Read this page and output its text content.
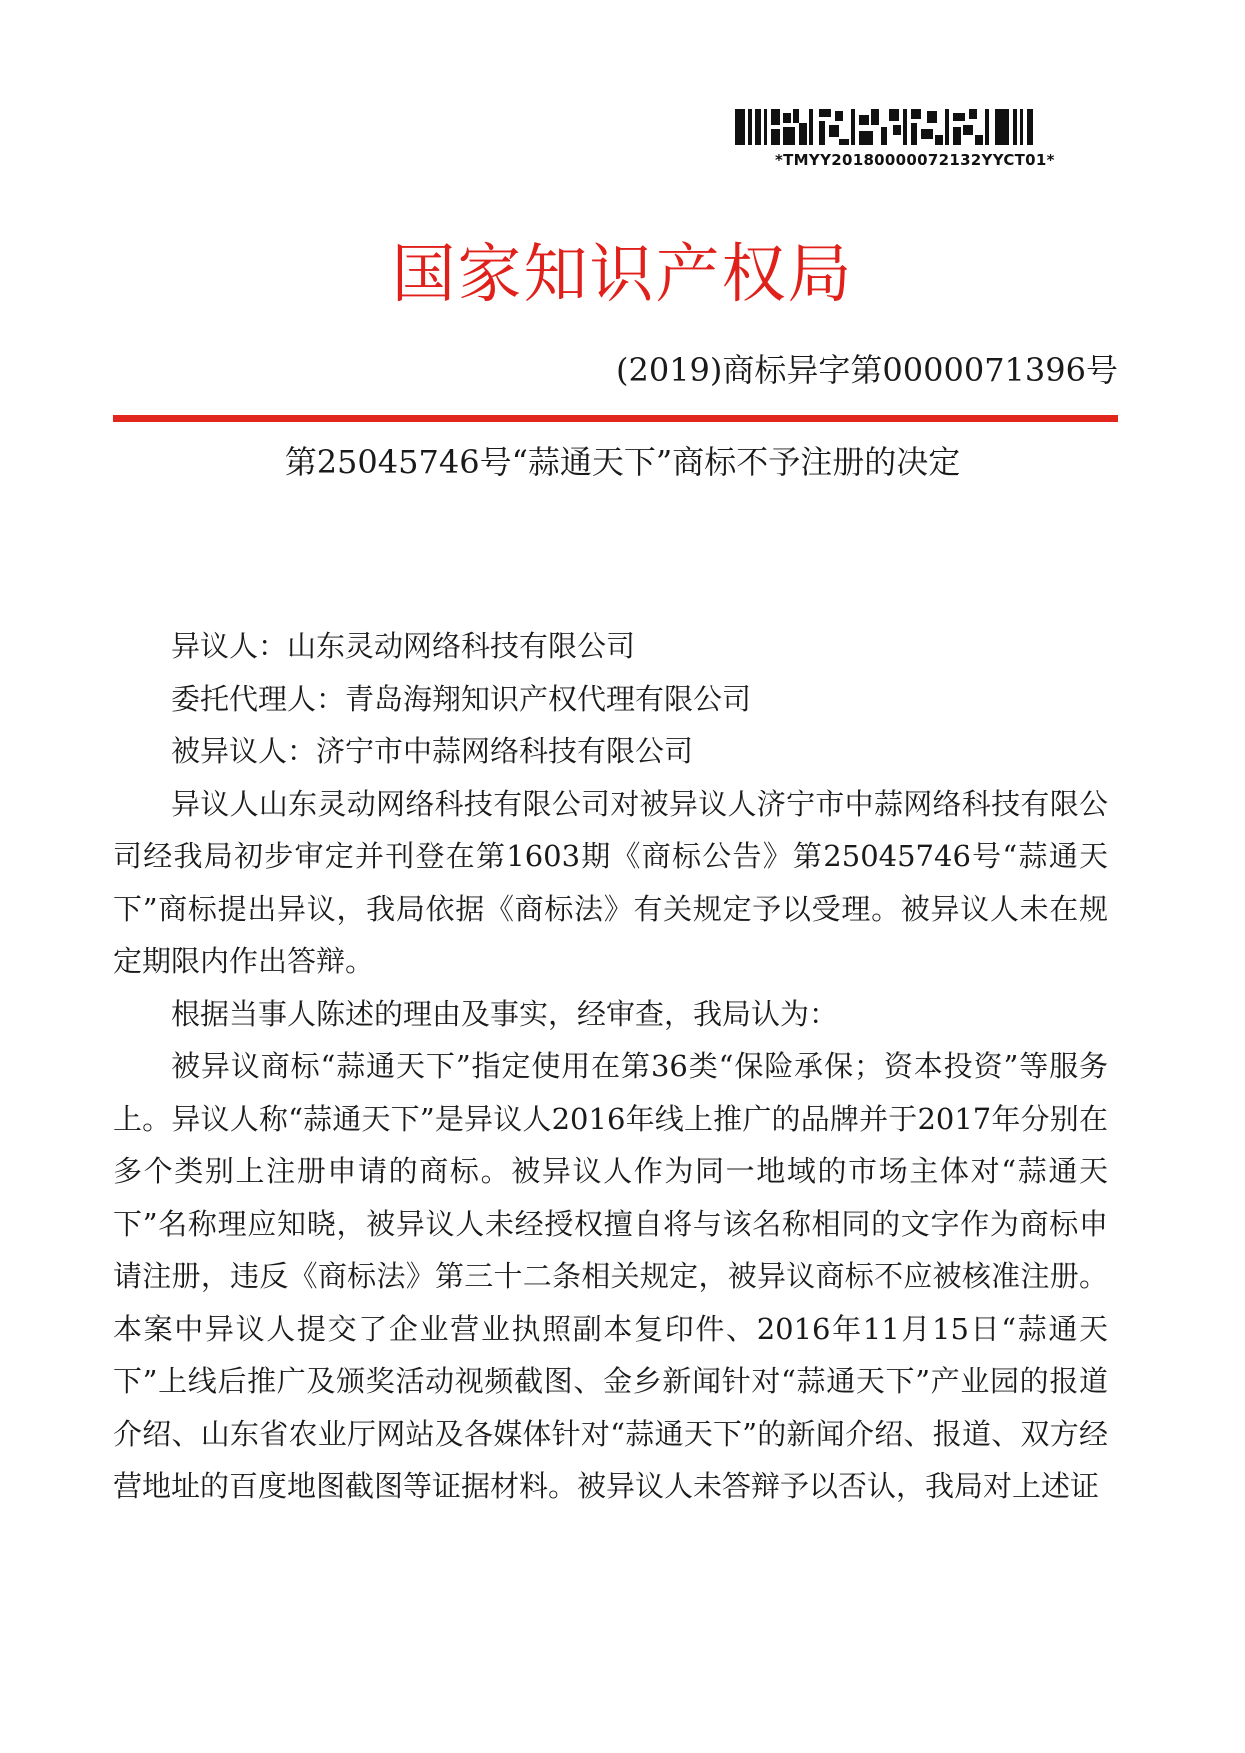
*TMYY20180000072132YYCT01*
国家知识产权局
(2019)商标异字第0000071396号
第25045746号“蒜通天下”商标不予注册的决定

异议人：山东灵动网络科技有限公司

委托代理人：青岛海翔知识产权代理有限公司

被异议人：济宁市中蒜网络科技有限公司

异议人山东灵动网络科技有限公司对被异议人济宁市中蒜网络科技有限公司经我局初步审定并刊登在第1603期《商标公告》第25045746号“蒜通天下”商标提出异议，我局依据《商标法》有关规定予以受理。被异议人未在规定期限内作出答辩。

根据当事人陈述的理由及事实，经审查，我局认为：

被异议商标“蒜通天下”指定使用在第36类“保险承保；资本投资”等服务上。异议人称“蒜通天下”是异议人2016年线上推广的品牌并于2017年分别在多个类别上注册申请的商标。被异议人作为同一地域的市场主体对“蒜通天下”名称理应知晓，被异议人未经授权擅自将与该名称相同的文字作为商标申请注册，违反《商标法》第三十二条相关规定，被异议商标不应被核准注册。本案中异议人提交了企业营业执照副本复印件、2016年11月15日“蒜通天下”上线后推广及颁奖活动视频截图、金乡新闻针对“蒜通天下”产业园的报道介绍、山东省农业厅网站及各媒体针对“蒜通天下”的新闻介绍、报道、双方经营地址的百度地图截图等证据材料。被异议人未答辩予以否认，我局对上述证
